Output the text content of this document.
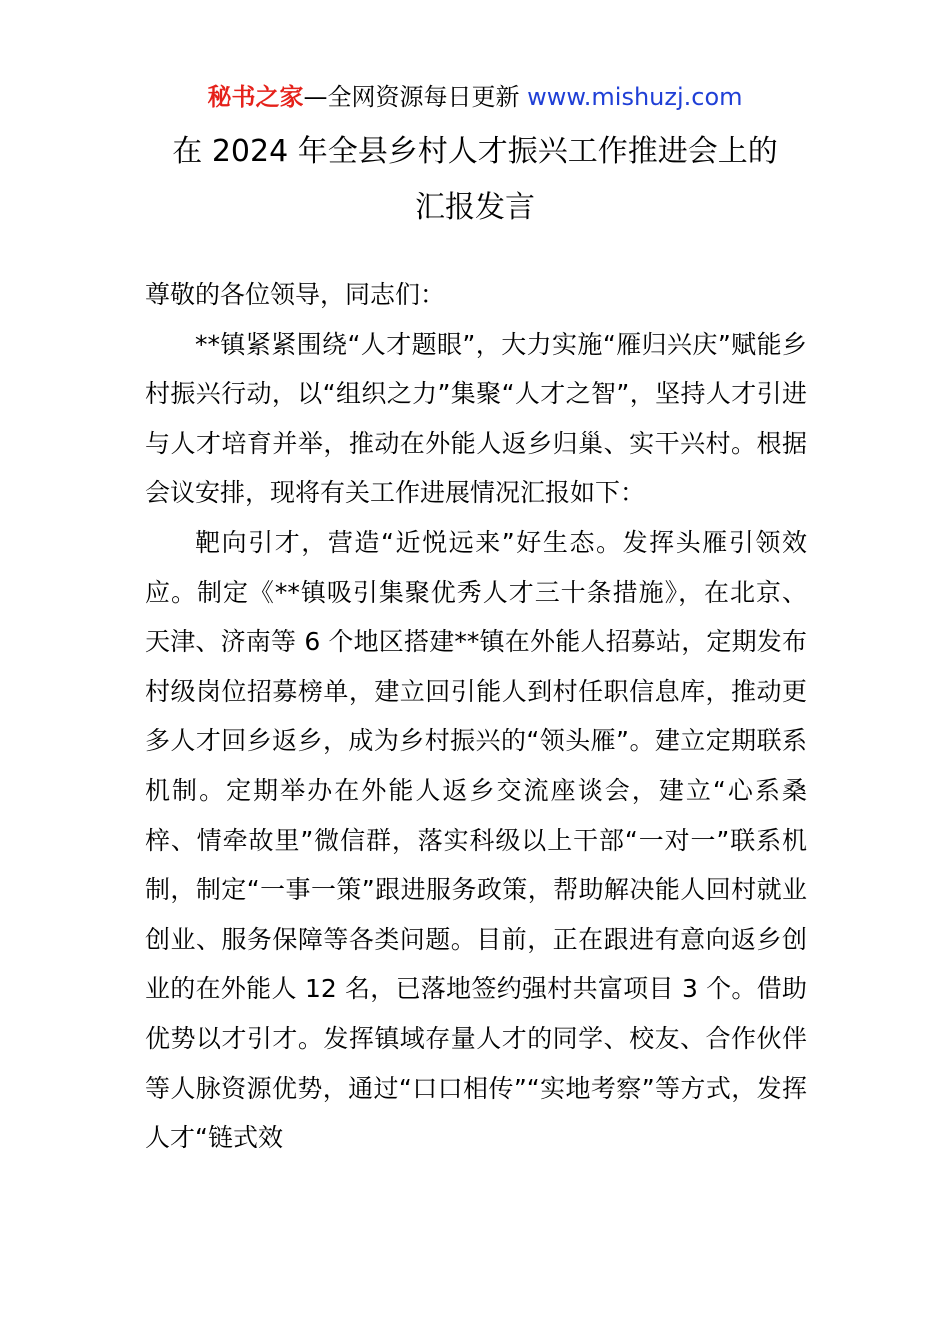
秘书之家—全网资源每日更新 www.mishuzj.com
在 2024 年全县乡村人才振兴工作推进会上的
汇报发言

尊敬的各位领导，同志们：

**镇紧紧围绕“人才题眼”，大力实施“雁归兴庆”赋能乡村振兴行动，以“组织之力”集聚“人才之智”，坚持人才引进与人才培育并举，推动在外能人返乡归巢、实干兴村。根据会议安排，现将有关工作进展情况汇报如下：

靶向引才，营造“近悦远来”好生态。发挥头雁引领效应。制定《**镇吸引集聚优秀人才三十条措施》，在北京、天津、济南等 6 个地区搭建**镇在外能人招募站，定期发布村级岗位招募榜单，建立回引能人到村任职信息库，推动更多人才回乡返乡，成为乡村振兴的“领头雁”。建立定期联系机制。定期举办在外能人返乡交流座谈会，建立“心系桑梓、情牵故里”微信群，落实科级以上干部“一对一”联系机制，制定“一事一策”跟进服务政策，帮助解决能人回村就业创业、服务保障等各类问题。目前，正在跟进有意向返乡创业的在外能人 12 名，已落地签约强村共富项目 3 个。借助优势以才引才。发挥镇域存量人才的同学、校友、合作伙伴等人脉资源优势，通过“口口相传”“实地考察”等方式，发挥人才“链式效
